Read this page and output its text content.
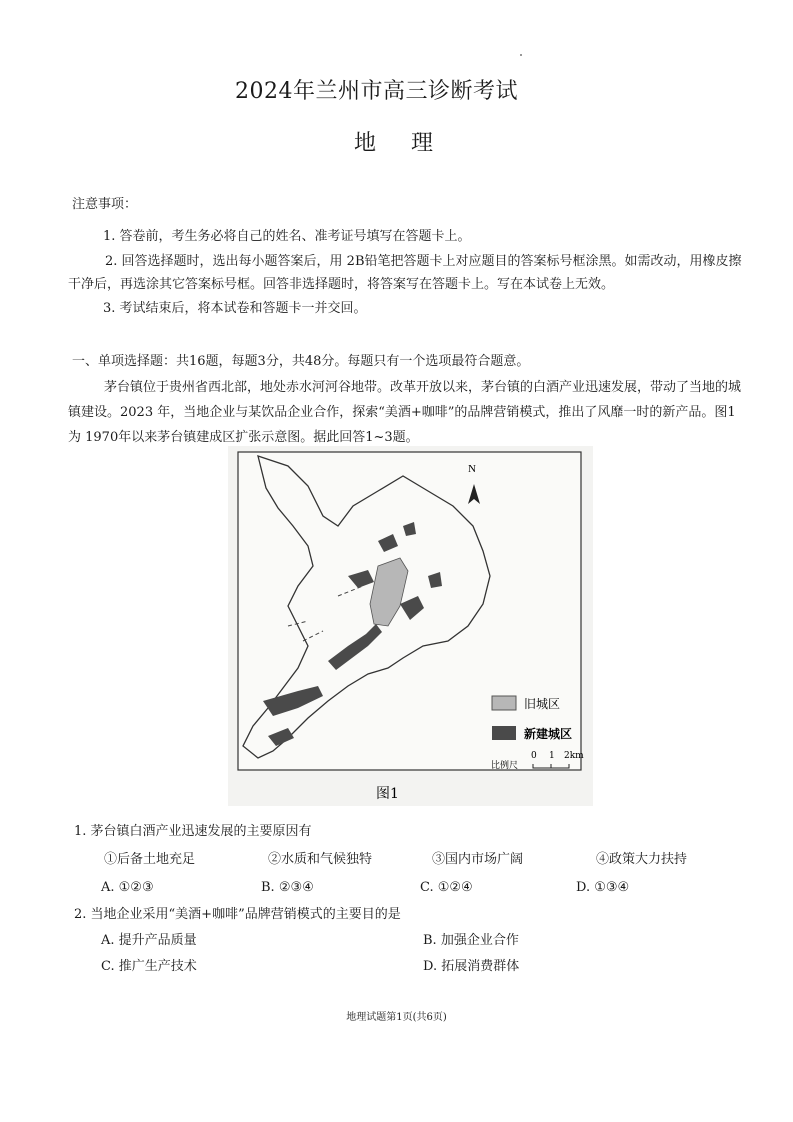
2024年兰州市高三诊断考试
地 理
注意事项：
1. 答卷前，考生务必将自己的姓名、准考证号填写在答题卡上。
2. 回答选择题时，选出每小题答案后，用 2B铅笔把答题卡上对应题目的答案标号框涂黑。如需改动，用橡皮擦
干净后，再选涂其它答案标号框。回答非选择题时，将答案写在答题卡上。写在本试卷上无效。
3. 考试结束后，将本试卷和答题卡一并交回。
一、单项选择题：共16题，每题3分，共48分。每题只有一个选项最符合题意。
茅台镇位于贵州省西北部，地处赤水河河谷地带。改革开放以来，茅台镇的白酒产业迅速发展，带动了当地的城
镇建设。2023 年，当地企业与某饮品企业合作，探索“美酒+咖啡”的品牌营销模式，推出了风靡一时的新产品。图1
为 1970年以来茅台镇建成区扩张示意图。据此回答1~3题。
N
旧城区
新建城区
比例尺
0 1 2km
图1
1. 茅台镇白酒产业迅速发展的主要原因有
①后备土地充足	②水质和气候独特	③国内市场广阔	④政策大力扶持
A. ①②③	B. ②③④	C. ①②④	D. ①③④
2. 当地企业采用“美酒+咖啡”品牌营销模式的主要目的是
A. 提升产品质量	B. 加强企业合作
C. 推广生产技术	D. 拓展消费群体
地理试题第1页(共6页)
